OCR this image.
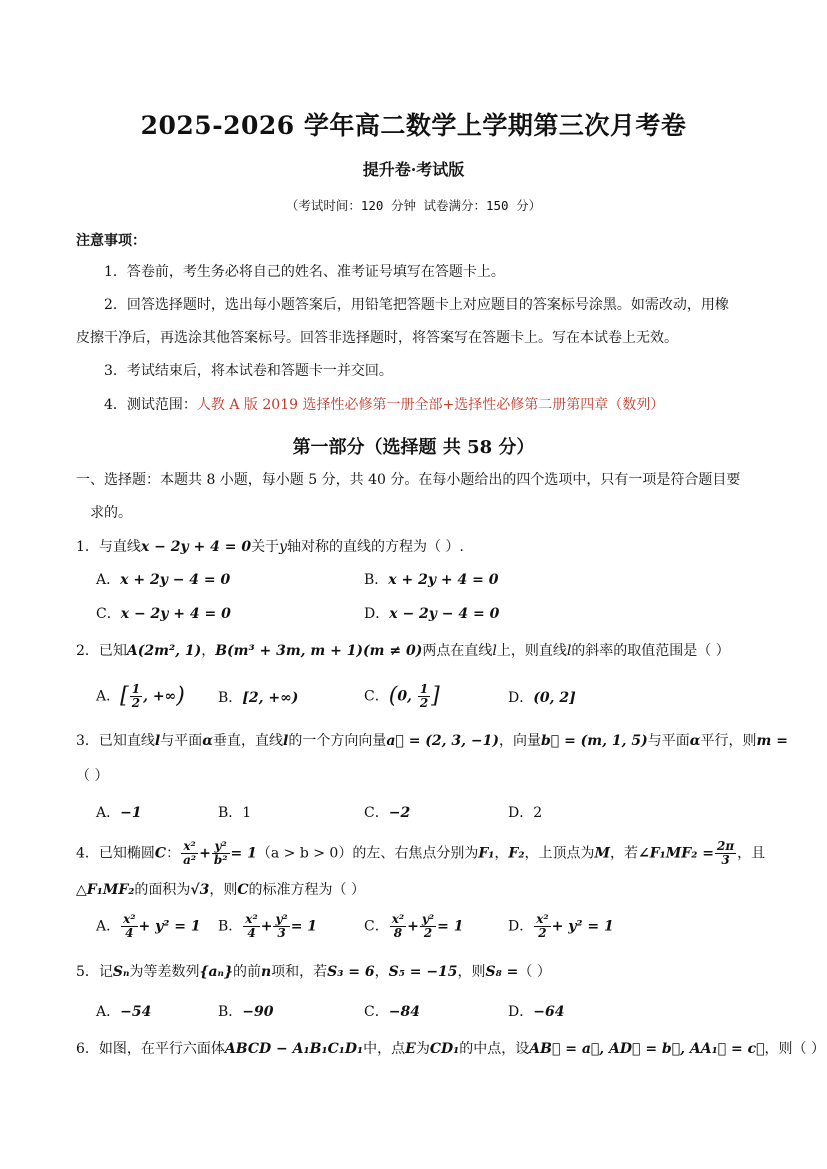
2025-2026 学年高二数学上学期第三次月考卷
提升卷·考试版
（考试时间：120 分钟 试卷满分：150 分）
注意事项：
1．答卷前，考生务必将自己的姓名、准考证号填写在答题卡上。
2．回答选择题时，选出每小题答案后，用铅笔把答题卡上对应题目的答案标号涂黑。如需改动，用橡
皮擦干净后，再选涂其他答案标号。回答非选择题时，将答案写在答题卡上。写在本试卷上无效。
3．考试结束后，将本试卷和答题卡一并交回。
4．测试范围：人教 A 版 2019 选择性必修第一册全部+选择性必修第二册第四章（数列）
第一部分（选择题 共 58 分）
一、选择题：本题共 8 小题，每小题 5 分，共 40 分。在每小题给出的四个选项中，只有一项是符合题目要
求的。
1．与直线x − 2y + 4 = 0关于y轴对称的直线的方程为（ ）.
A．x + 2y − 4 = 0	B．x + 2y + 4 = 0
C．x − 2y + 4 = 0	D．x − 2y − 4 = 0
2．已知A(2m², 1)，B(m³ + 3m, m + 1)(m ≠ 0)两点在直线l上，则直线l的斜率的取值范围是（ ）
A．[ $\frac{1}{2}$ , +∞) B．[2, +∞)	C．(0, $\frac{1}{2}$ ]	D．(0, 2]
3．已知直线l与平面α垂直，直线l的一个方向向量a⃗ = (2, 3, −1)，向量b⃗ = (m, 1, 5)与平面α平行，则m =
（ ）
A．−1	B．1	C．−2	D．2
4．已知椭圆C： $\frac{\text{x²}}{\text{a²}} + \frac{\text{y²}}{\text{b²}} = 1(a > b > 0)$的左、右焦点分别为F₁，F₂，上顶点为M，若∠F₁MF₂ = $\frac{2\pi}{3}$ ，且
△F₁MF₂的面积为√3，则C的标准方程为（ ）
A． $\frac{\text{x²}}{4} + y^2 = 1$ B． $\frac{\text{x²}}{4} + \frac{\text{y²}}{3} = 1$	C． $\frac{\text{x²}}{8} + \frac{\text{y²}}{2} = 1$	D． $\frac{\text{x²}}{2} + y^2 = 1$
5．记Sₙ为等差数列{aₙ}的前n项和，若S₃ = 6，S₅ = −15，则S₈ =（ ）
A．−54	B．−90	C．−84	D．−64
6．如图，在平行六面体ABCD − A₁B₁C₁D₁中，点E为CD₁的中点，设AB⃗ = a⃗, AD⃗ = b⃗, AA₁⃗ = c⃗，则（ ）
